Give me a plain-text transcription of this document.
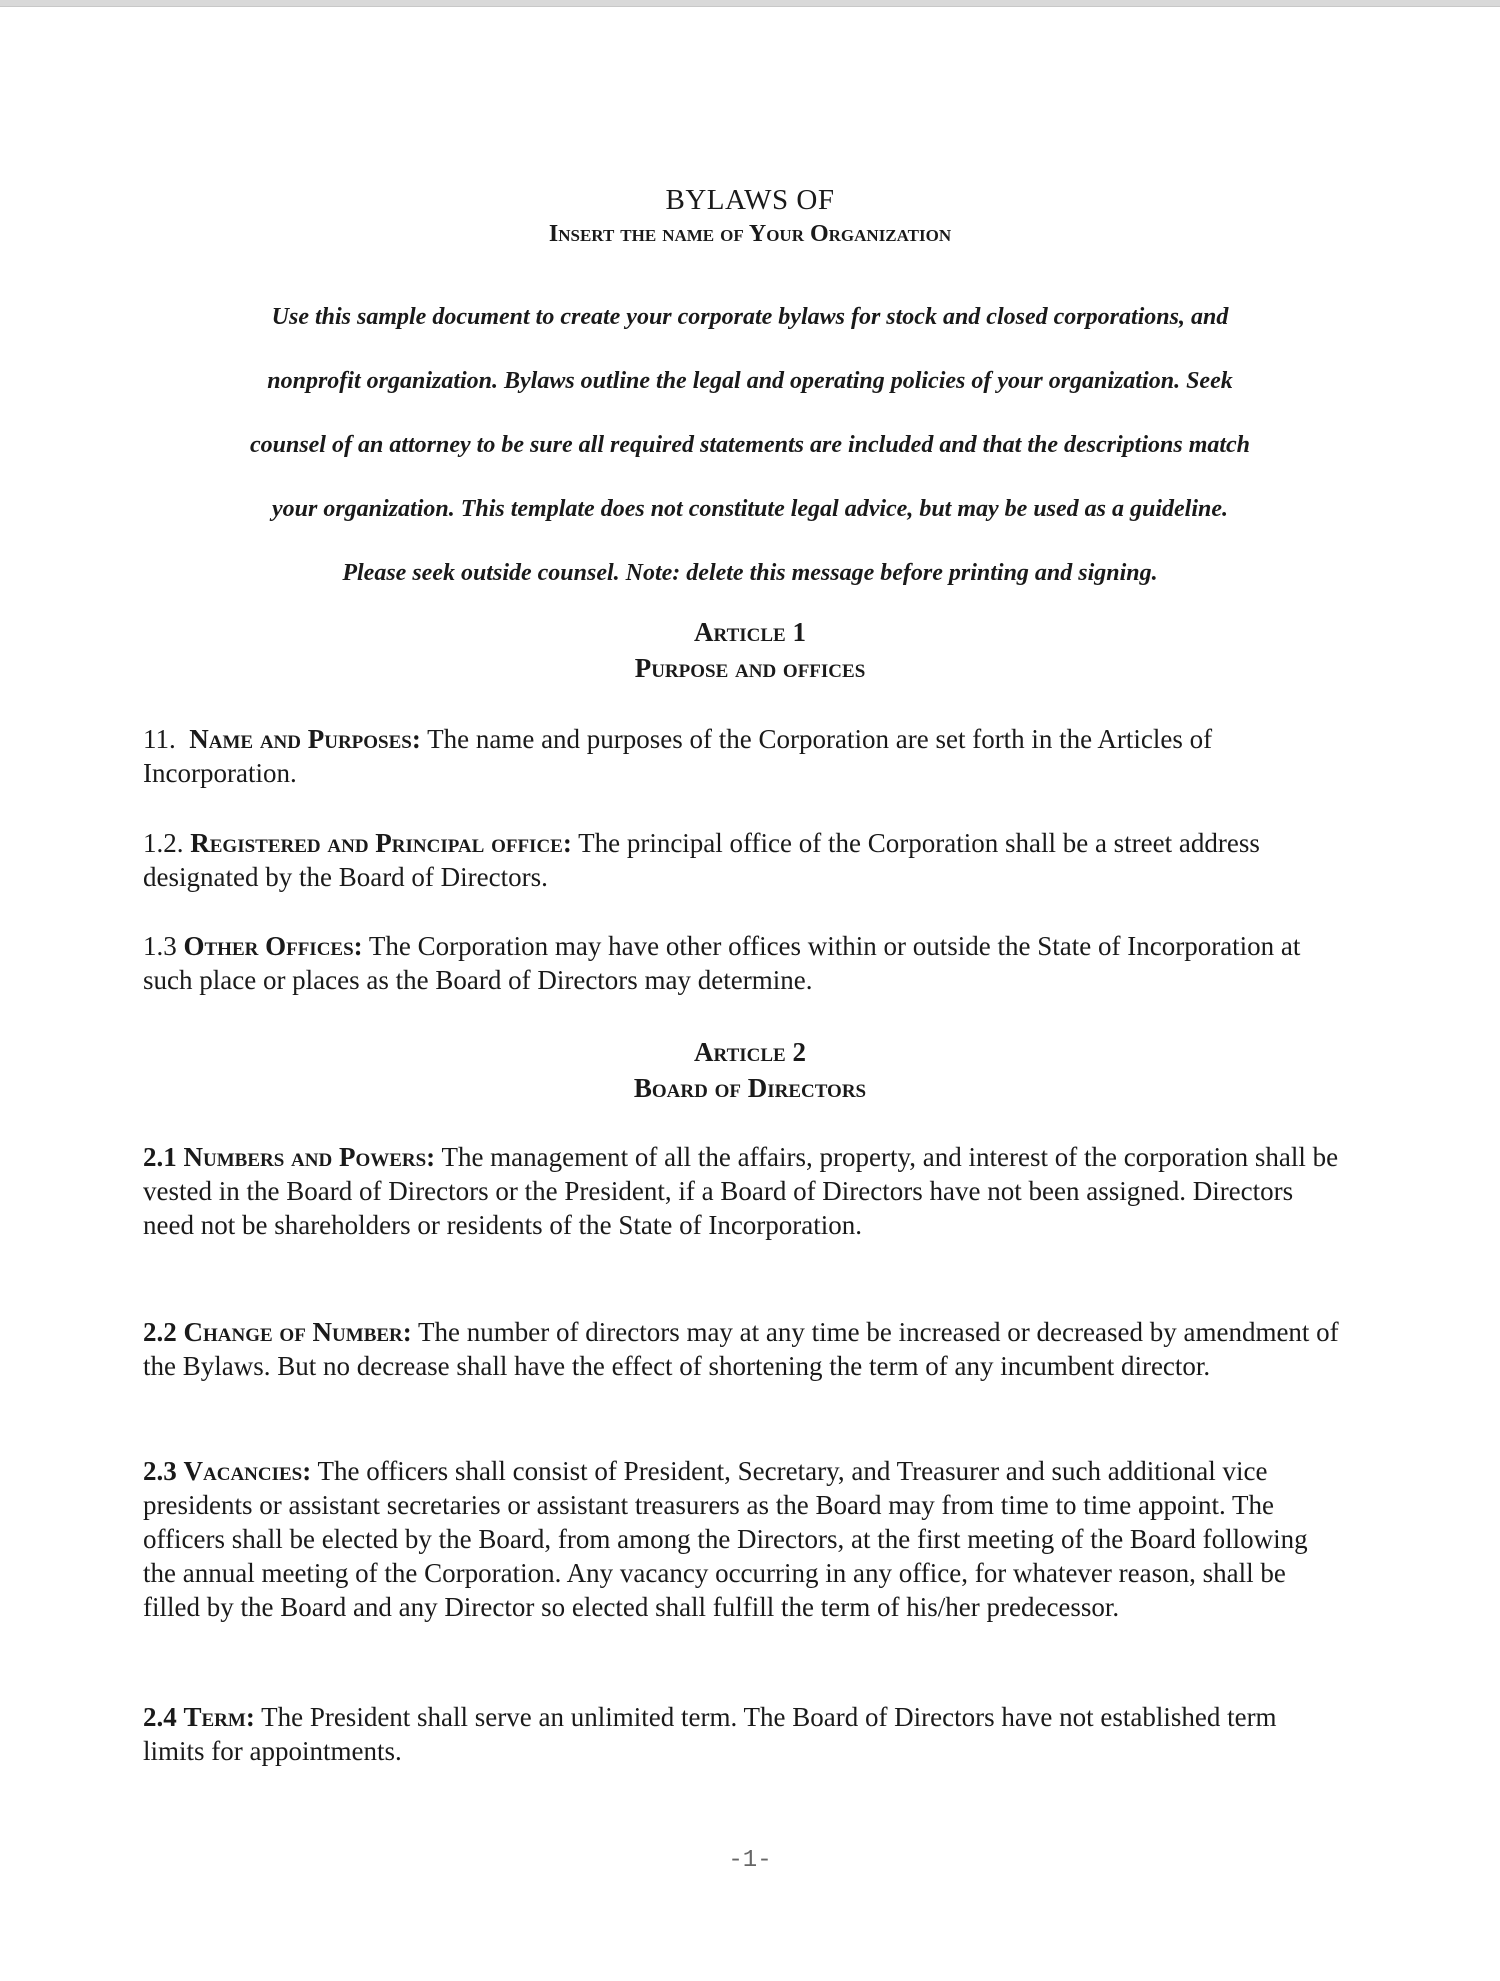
BYLAWS OF
Insert the name of Your Organization
Use this sample document to create your corporate bylaws for stock and closed corporations, and
nonprofit organization. Bylaws outline the legal and operating policies of your organization. Seek
counsel of an attorney to be sure all required statements are included and that the descriptions match
your organization. This template does not constitute legal advice, but may be used as a guideline.
Please seek outside counsel. Note: delete this message before printing and signing.
Article 1
Purpose and offices
11. Name and Purposes: The name and purposes of the Corporation are set forth in the Articles of Incorporation.
1.2. Registered and Principal office: The principal office of the Corporation shall be a street address designated by the Board of Directors.
1.3 Other Offices: The Corporation may have other offices within or outside the State of Incorporation at such place or places as the Board of Directors may determine.
Article 2
Board of Directors
2.1 Numbers and Powers: The management of all the affairs, property, and interest of the corporation shall be vested in the Board of Directors or the President, if a Board of Directors have not been assigned. Directors need not be shareholders or residents of the State of Incorporation.
2.2 Change of Number: The number of directors may at any time be increased or decreased by amendment of the Bylaws. But no decrease shall have the effect of shortening the term of any incumbent director.
2.3 Vacancies: The officers shall consist of President, Secretary, and Treasurer and such additional vice presidents or assistant secretaries or assistant treasurers as the Board may from time to time appoint. The officers shall be elected by the Board, from among the Directors, at the first meeting of the Board following the annual meeting of the Corporation. Any vacancy occurring in any office, for whatever reason, shall be filled by the Board and any Director so elected shall fulfill the term of his/her predecessor.
2.4 Term: The President shall serve an unlimited term. The Board of Directors have not established term limits for appointments.
-1-
